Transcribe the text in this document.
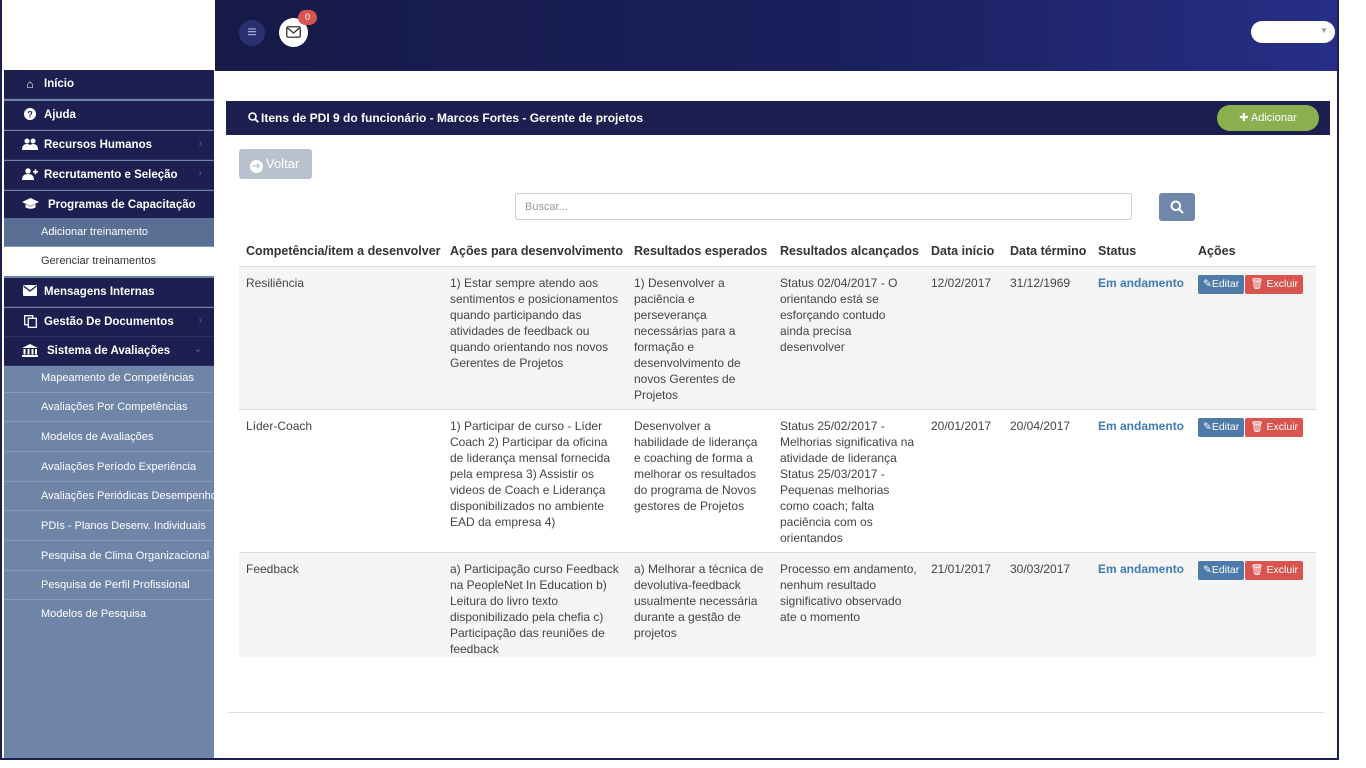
≡
0
▼
⌂ Início
? Ajuda
Recursos Humanos	›
Recrutamento e Seleção ›
Programas de Capacitação
Adicionar treinamento
Gerenciar treinamentos
Mensagens Internas
Gestão De Documentos ›
Sistema de Avaliações ⌄
Mapeamento de Competências
Avaliações Por Competências
Modelos de Avaliações
Avaliações Período Experiência
Avaliações Periódicas Desempenho
PDIs - Planos Desenv. Individuais
Pesquisa de Clima Organizacional
Pesquisa de Perfil Profissional
Modelos de Pesquisa
Itens de PDI 9 do funcionário - Marcos Fortes - Gerente de projetos	✚ Adicionar
➜ Voltar
Buscar...
Competência/item a desenvolver	Ações para desenvolvimento	Resultados esperados	Resultados alcançados	Data início	Data término	Status	Ações
Resiliência	1) Estar sempre atendo aos sentimentos e posicionamentos quando participando das atividades de feedback ou quando orientando nos novos Gerentes de Projetos	1) Desenvolver a paciência e perseverança necessárias para a formação e desenvolvimento de novos Gerentes de Projetos	Status 02/04/2017 - O orientando está se esforçando contudo ainda precisa desenvolver	12/02/2017	31/12/1969	Em andamento	✎Editar 🗑 Excluir
Líder-Coach	1) Participar de curso - Líder Coach 2) Participar da oficina de liderança mensal fornecida pela empresa 3) Assistir os videos de Coach e Liderança disponibilizados no ambiente EAD da empresa 4)	Desenvolver a habilidade de liderança e coaching de forma a melhorar os resultados do programa de Novos gestores de Projetos	Status 25/02/2017 - Melhorias significativa na atividade de liderança Status 25/03/2017 - Pequenas melhorias como coach; falta paciência com os orientandos	20/01/2017	20/04/2017	Em andamento	✎Editar 🗑 Excluir
Feedback	a) Participação curso Feedback na PeopleNet In Education b) Leitura do livro texto disponibilizado pela chefia c) Participação das reuniões de feedback	a) Melhorar a técnica de devolutiva-feedback usualmente necessária durante a gestão de projetos	Processo em andamento, nenhum resultado significativo observado ate o momento	21/01/2017	30/03/2017	Em andamento	✎Editar 🗑 Excluir
